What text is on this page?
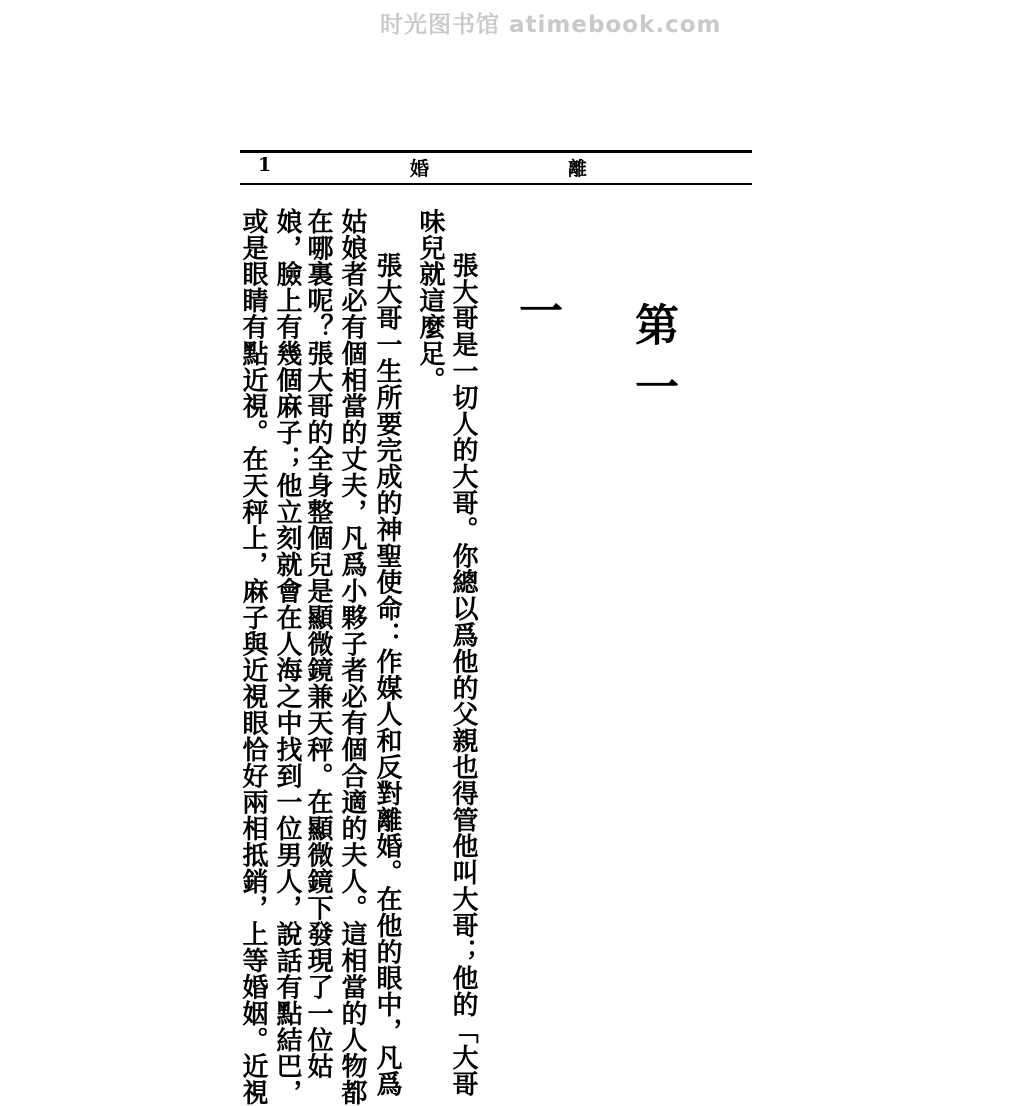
时光图书馆 atimebook.com
1	婚	離
第一
一
張大哥是一切人的大哥。你總以爲他的父親也得管他叫大哥；他的「大哥
味兒就這麼足。
張大哥一生所要完成的神聖使命：作媒人和反對離婚。在他的眼中，凡爲
姑娘者必有個相當的丈夫，凡爲小夥子者必有個合適的夫人。這相當的人物都
在哪裏呢？張大哥的全身整個兒是顯微鏡兼天秤。在顯微鏡下發現了一位姑
娘，臉上有幾個麻子；他立刻就會在人海之中找到一位男人，說話有點結巴，
或是眼睛有點近視。在天秤上，麻子與近視眼恰好兩相抵銷，上等婚姻。近視
